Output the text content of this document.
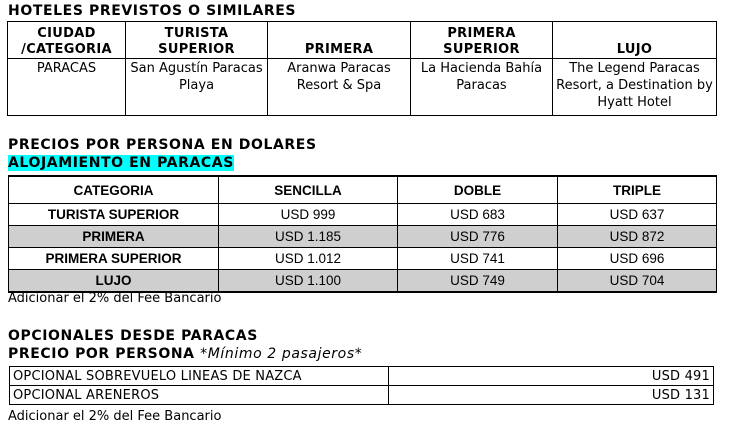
HOTELES PREVISTOS O SIMILARES
CIUDAD /CATEGORIA	TURISTA SUPERIOR	PRIMERA	PRIMERA SUPERIOR	LUJO
PARACAS	San Agustín Paracas Playa	Aranwa Paracas Resort & Spa	La Hacienda Bahía Paracas	The Legend Paracas Resort, a Destination by Hyatt Hotel
PRECIOS POR PERSONA EN DOLARES
ALOJAMIENTO EN PARACAS
CATEGORIA	SENCILLA	DOBLE	TRIPLE
TURISTA SUPERIOR	USD 999	USD 683	USD 637
PRIMERA	USD 1.185	USD 776	USD 872
PRIMERA SUPERIOR	USD 1.012	USD 741	USD 696
LUJO	USD 1.100	USD 749	USD 704
Adicionar el 2% del Fee Bancario
OPCIONALES DESDE PARACAS
PRECIO POR PERSONA *Mínimo 2 pasajeros*
OPCIONAL SOBREVUELO LINEAS DE NAZCA	USD 491
OPCIONAL ARENEROS	USD 131
Adicionar el 2% del Fee Bancario
